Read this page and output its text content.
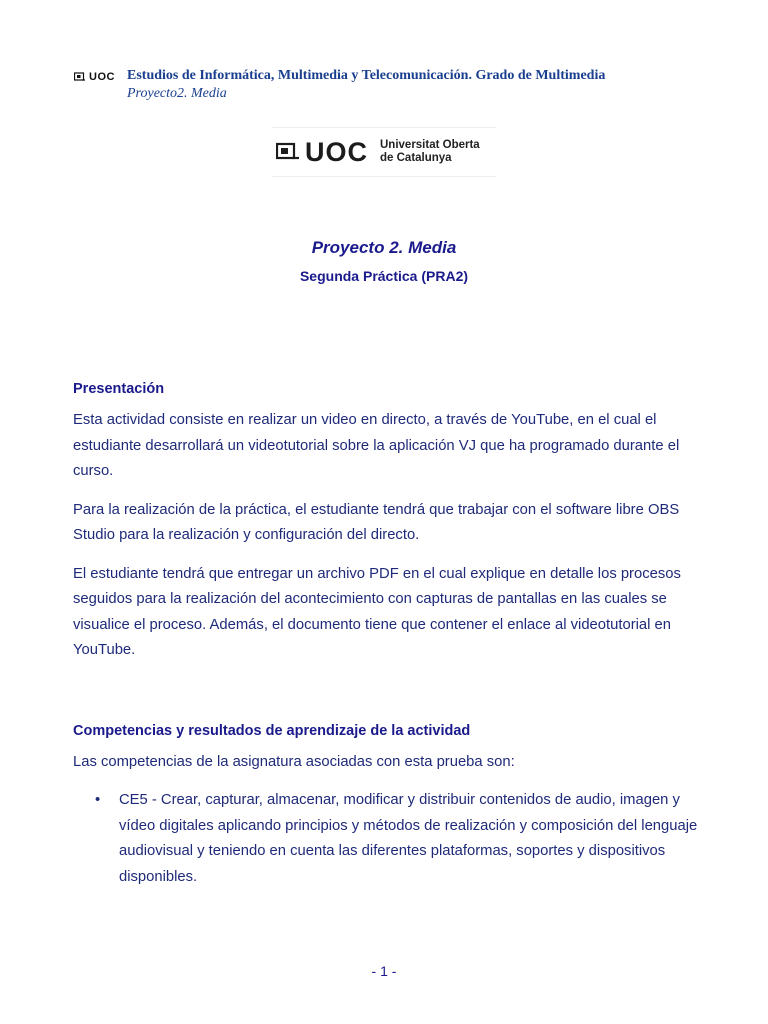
UOC Estudios de Informática, Multimedia y Telecomunicación. Grado de Multimedia
Proyecto2. Media
UOC Universitat Oberta
de Catalunya
Proyecto 2. Media
Segunda Práctica (PRA2)
Presentación

Esta actividad consiste en realizar un video en directo, a través de YouTube, en el cual el estudiante desarrollará un videotutorial sobre la aplicación VJ que ha programado durante el curso.

Para la realización de la práctica, el estudiante tendrá que trabajar con el software libre OBS Studio para la realización y configuración del directo.

El estudiante tendrá que entregar un archivo PDF en el cual explique en detalle los procesos seguidos para la realización del acontecimiento con capturas de pantallas en las cuales se visualice el proceso. Además, el documento tiene que contener el enlace al videotutorial en YouTube.

Competencias y resultados de aprendizaje de la actividad

Las competencias de la asignatura asociadas con esta prueba son:

• CE5 - Crear, capturar, almacenar, modificar y distribuir contenidos de audio, imagen y vídeo digitales aplicando principios y métodos de realización y composición del lenguaje audiovisual y teniendo en cuenta las diferentes plataformas, soportes y dispositivos disponibles.
- 1 -
